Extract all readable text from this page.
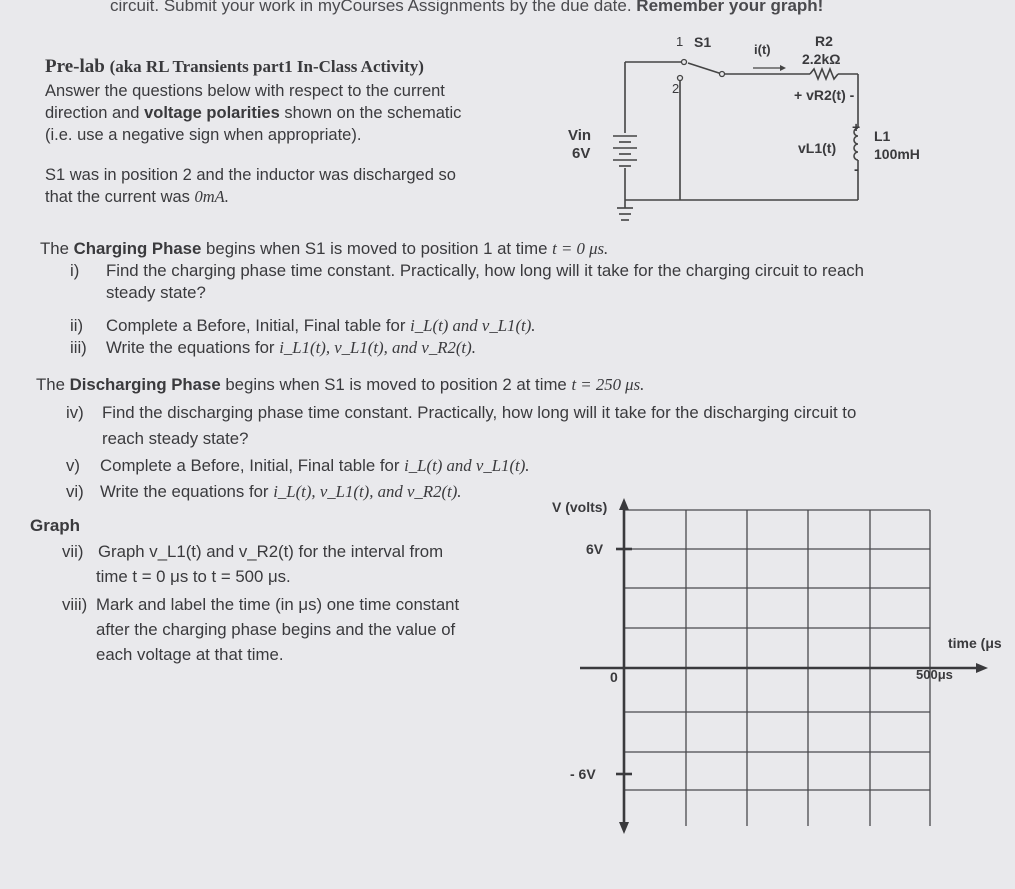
circuit. Submit your work in myCourses Assignments by the due date. Remember your graph!
Pre-lab (aka RL Transients part1 In-Class Activity)
Answer the questions below with respect to the current
direction and voltage polarities shown on the schematic
(i.e. use a negative sign when appropriate).
S1 was in position 2 and the inductor was discharged so
that the current was 0mA.
1 S1
2
i(t)
R2
2.2kΩ
+ vR2(t) -
Vin
6V
+
-
vL1(t)
L1
100mH
The Charging Phase begins when S1 is moved to position 1 at time t = 0 μs.
i) Find the charging phase time constant. Practically, how long will it take for the charging circuit to reach
steady state?
ii) Complete a Before, Initial, Final table for i_L(t) and v_L1(t).
iii) Write the equations for i_L1(t), v_L1(t), and v_R2(t).
The Discharging Phase begins when S1 is moved to position 2 at time t = 250 μs.
iv) Find the discharging phase time constant. Practically, how long will it take for the discharging circuit to
reach steady state?
v) Complete a Before, Initial, Final table for i_L(t) and v_L1(t).
vi) Write the equations for i_L(t), v_L1(t), and v_R2(t).
Graph
vii) Graph v_L1(t) and v_R2(t) for the interval from
time t = 0 μs to t = 500 μs.
viii) Mark and label the time (in μs) one time constant
after the charging phase begins and the value of
each voltage at that time.
V (volts)
6V
0
- 6V
time (μs
500μs
